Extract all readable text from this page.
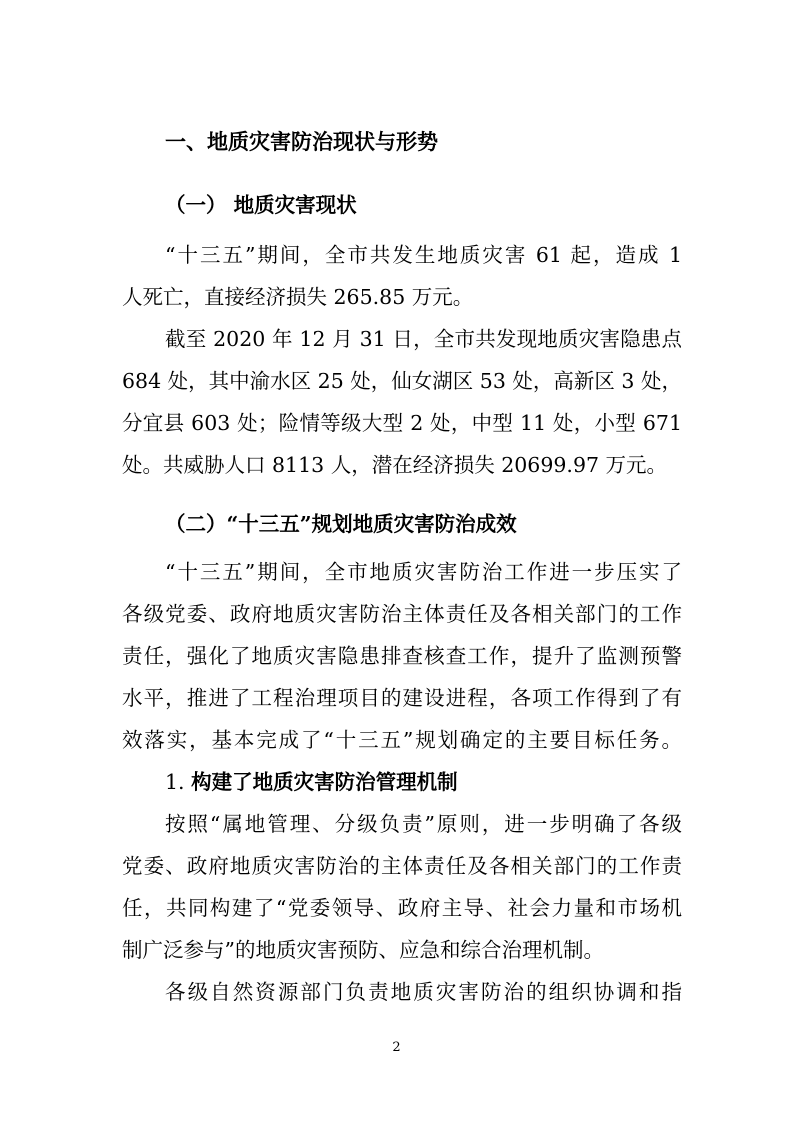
一、地质灾害防治现状与形势
（一） 地质灾害现状
“十三五”期间，全市共发生地质灾害 61 起，造成 1
人死亡，直接经济损失 265.85 万元。
截至 2020 年 12 月 31 日，全市共发现地质灾害隐患点
684 处，其中渝水区 25 处，仙女湖区 53 处，高新区 3 处，
分宜县 603 处；险情等级大型 2 处，中型 11 处，小型 671
处。共威胁人口 8113 人，潜在经济损失 20699.97 万元。
（二）“十三五”规划地质灾害防治成效
“十三五”期间，全市地质灾害防治工作进一步压实了
各级党委、政府地质灾害防治主体责任及各相关部门的工作
责任，强化了地质灾害隐患排查核查工作，提升了监测预警
水平，推进了工程治理项目的建设进程，各项工作得到了有
效落实，基本完成了“十三五”规划确定的主要目标任务。
1. 构建了地质灾害防治管理机制
按照“属地管理、分级负责”原则，进一步明确了各级
党委、政府地质灾害防治的主体责任及各相关部门的工作责
任，共同构建了“党委领导、政府主导、社会力量和市场机
制广泛参与”的地质灾害预防、应急和综合治理机制。
各级自然资源部门负责地质灾害防治的组织协调和指
2
